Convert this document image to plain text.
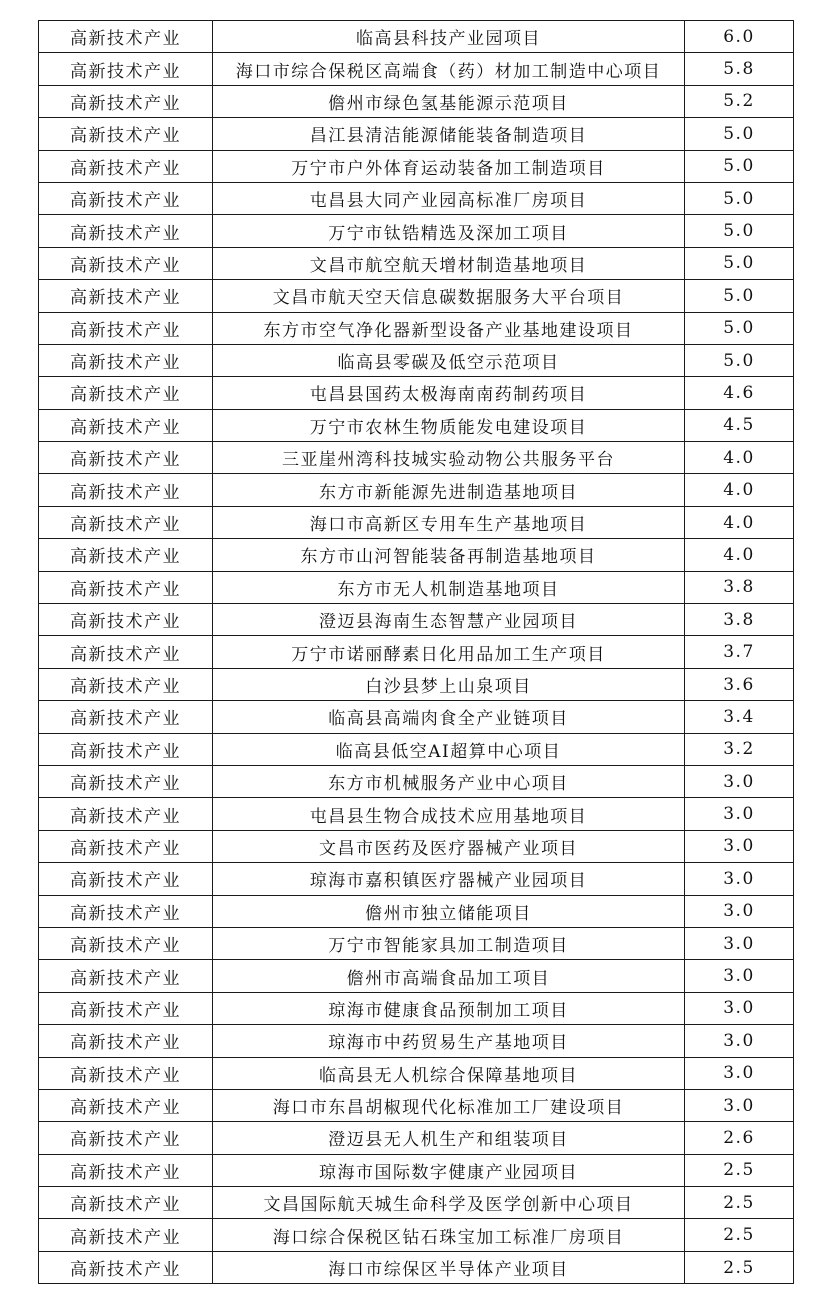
高新技术产业	临高县科技产业园项目	6.0
高新技术产业	海口市综合保税区高端食（药）材加工制造中心项目	5.8
高新技术产业	儋州市绿色氢基能源示范项目	5.2
高新技术产业	昌江县清洁能源储能装备制造项目	5.0
高新技术产业	万宁市户外体育运动装备加工制造项目	5.0
高新技术产业	屯昌县大同产业园高标准厂房项目	5.0
高新技术产业	万宁市钛锆精选及深加工项目	5.0
高新技术产业	文昌市航空航天增材制造基地项目	5.0
高新技术产业	文昌市航天空天信息碳数据服务大平台项目	5.0
高新技术产业	东方市空气净化器新型设备产业基地建设项目	5.0
高新技术产业	临高县零碳及低空示范项目	5.0
高新技术产业	屯昌县国药太极海南南药制药项目	4.6
高新技术产业	万宁市农林生物质能发电建设项目	4.5
高新技术产业	三亚崖州湾科技城实验动物公共服务平台	4.0
高新技术产业	东方市新能源先进制造基地项目	4.0
高新技术产业	海口市高新区专用车生产基地项目	4.0
高新技术产业	东方市山河智能装备再制造基地项目	4.0
高新技术产业	东方市无人机制造基地项目	3.8
高新技术产业	澄迈县海南生态智慧产业园项目	3.8
高新技术产业	万宁市诺丽酵素日化用品加工生产项目	3.7
高新技术产业	白沙县梦上山泉项目	3.6
高新技术产业	临高县高端肉食全产业链项目	3.4
高新技术产业	临高县低空AI超算中心项目	3.2
高新技术产业	东方市机械服务产业中心项目	3.0
高新技术产业	屯昌县生物合成技术应用基地项目	3.0
高新技术产业	文昌市医药及医疗器械产业项目	3.0
高新技术产业	琼海市嘉积镇医疗器械产业园项目	3.0
高新技术产业	儋州市独立储能项目	3.0
高新技术产业	万宁市智能家具加工制造项目	3.0
高新技术产业	儋州市高端食品加工项目	3.0
高新技术产业	琼海市健康食品预制加工项目	3.0
高新技术产业	琼海市中药贸易生产基地项目	3.0
高新技术产业	临高县无人机综合保障基地项目	3.0
高新技术产业	海口市东昌胡椒现代化标准加工厂建设项目	3.0
高新技术产业	澄迈县无人机生产和组装项目	2.6
高新技术产业	琼海市国际数字健康产业园项目	2.5
高新技术产业	文昌国际航天城生命科学及医学创新中心项目	2.5
高新技术产业	海口综合保税区钻石珠宝加工标准厂房项目	2.5
高新技术产业	海口市综保区半导体产业项目	2.5
